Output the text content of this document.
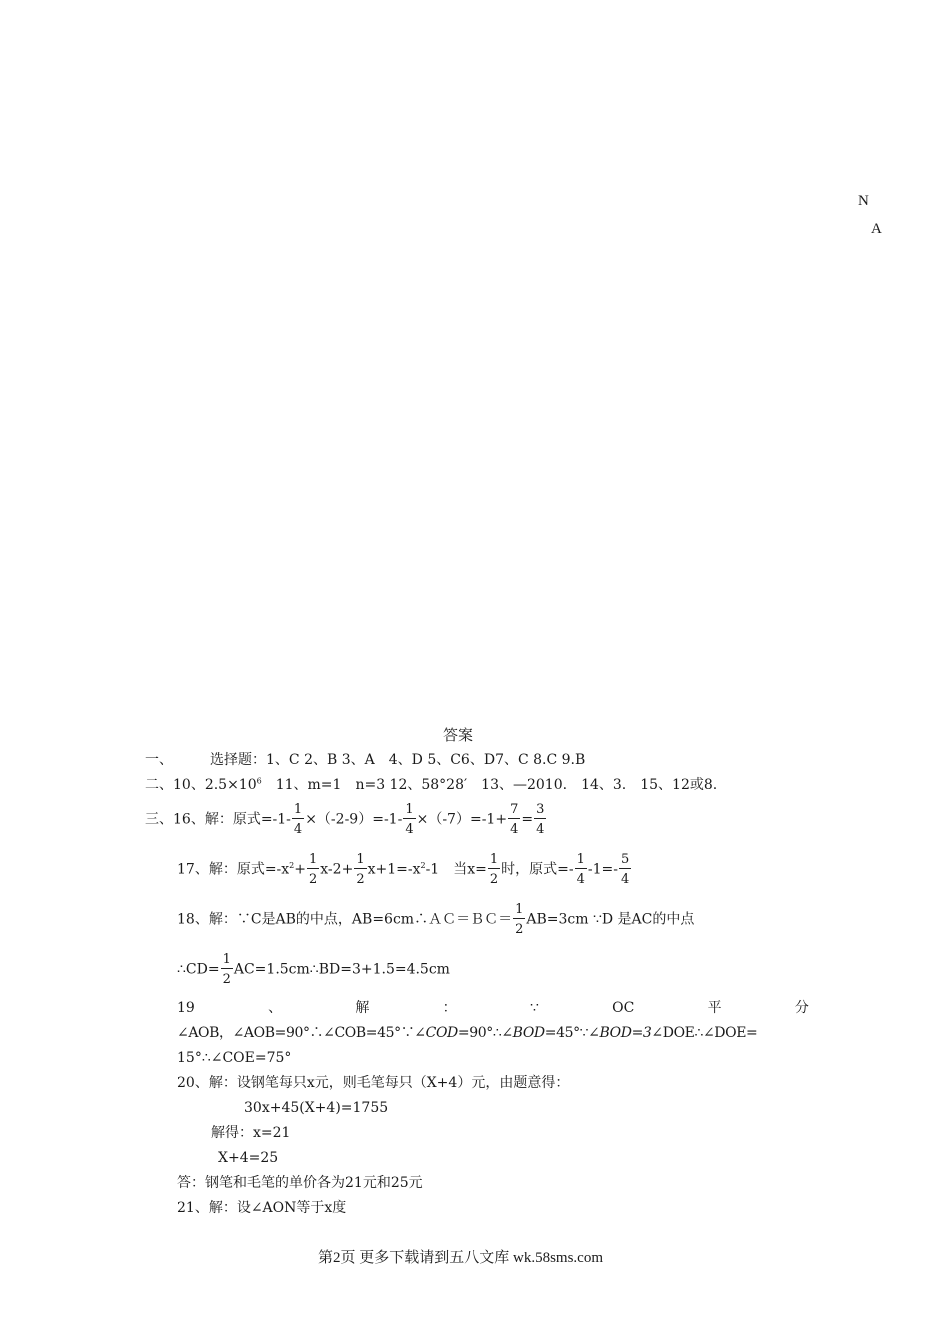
N
A
答案
一、	选择题：1、C 2、B 3、A　4、D 5、C6、D7、C 8.C 9.B
二、10、$2.5\times 10^6$　11、m=1　n=3 12、58°28′　13、—2010.　14、3.　15、12或8.
三、16、解：原式$=-1- \frac{1}{4} \times(-2-9)=-1- \frac{1}{4} \times(-7)=-1+ \frac{7}{4} = \frac{3}{4}$
17、解：原式$=-x^2+ \frac{1}{2} x-2+ \frac{1}{2} x+1=-x^2-1$　当$x= \frac{1}{2}$ 时，原式=- $\frac{1}{4} -1=- \frac{5}{4}$
18、解：∵C是AB的中点，AB=6cm∴ＡＣ＝ＢＣ＝ $\frac{1}{2} AB=3cm$ ∵D 是AC的中点
∴CD= $\frac{1}{2}$ AC=1.5cm∴BD=3+1.5=4.5cm
19	、	解	：	∵	OC	平	分
∠AOB，∠AOB=90°∴∠COB=45°∵∠COD=90°∴∠BOD=45°∵∠BOD=3∠DOE∴∠DOE=
15°∴∠COE=75°
20、解：设钢笔每只x元，则毛笔每只（X+4）元，由题意得：
30x+45(X+4)=1755
解得：x=21
X+4=25
答：钢笔和毛笔的单价各为21元和25元
21、解：设∠AON等于x度
第2页 更多下载请到五八文库 wk.58sms.com
